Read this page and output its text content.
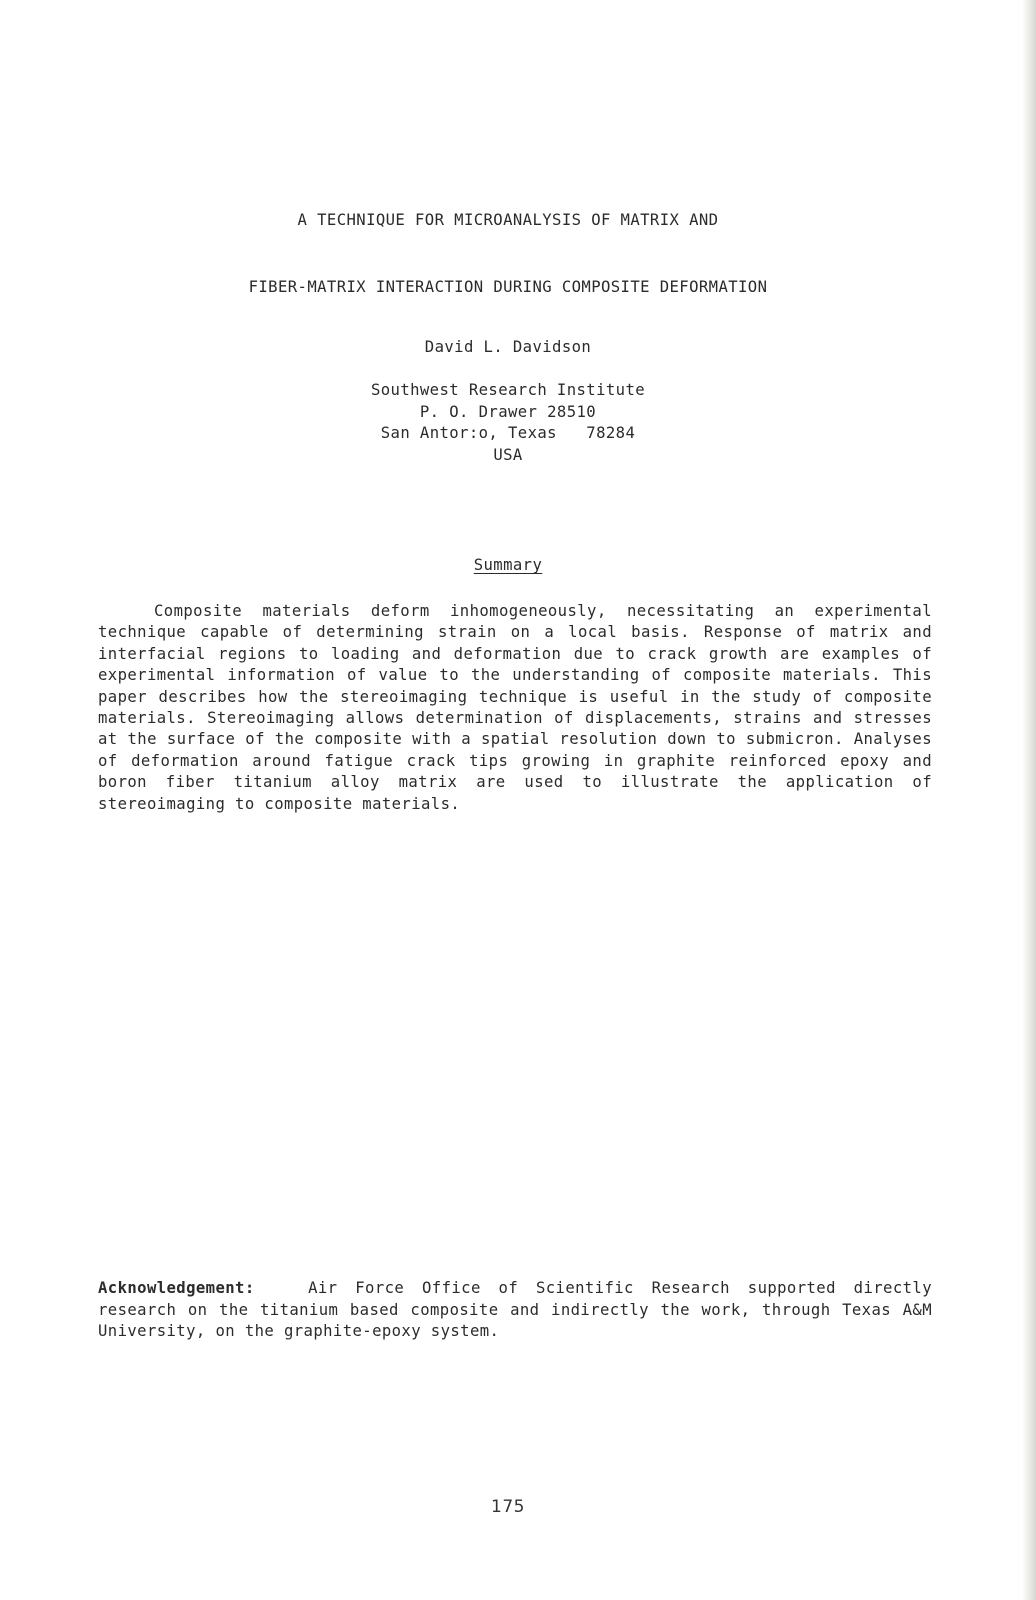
A TECHNIQUE FOR MICROANALYSIS OF MATRIX AND
FIBER-MATRIX INTERACTION DURING COMPOSITE DEFORMATION
David L. Davidson
Southwest Research Institute
P. O. Drawer 28510
San Antor:o, Texas   78284
USA
Summary

Composite materials deform inhomogeneously, necessitating an experimental technique capable of determining strain on a local basis. Response of matrix and interfacial regions to loading and deformation due to crack growth are examples of experimental information of value to the understanding of composite materials. This paper describes how the stereoimaging technique is useful in the study of composite materials. Stereoimaging allows determination of displacements, strains and stresses at the surface of the composite with a spatial resolution down to submicron. Analyses of deformation around fatigue crack tips growing in graphite reinforced epoxy and boron fiber titanium alloy matrix are used to illustrate the application of stereoimaging to composite materials.

Acknowledgement:	Air Force Office of Scientific Research supported directly research on the titanium based composite and indirectly the work, through Texas A&M University, on the graphite-epoxy system.

175
